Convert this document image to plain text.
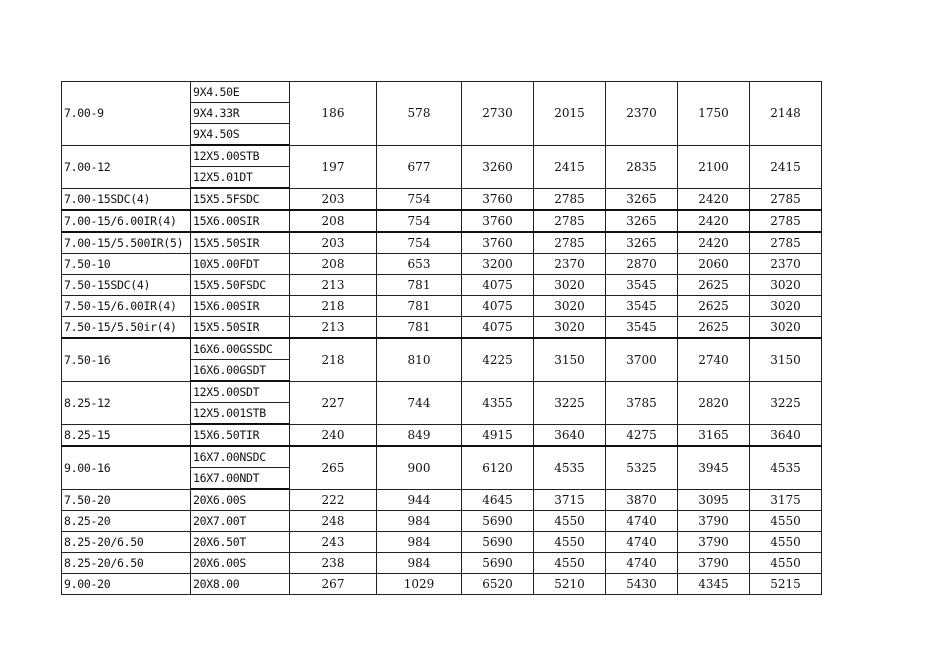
7.00-9	9X4.50E	186	578	2730	2015	2370	1750	2148
	9X4.33R							
	9X4.50S							
7.00-12	12X5.00STB	197	677	3260	2415	2835	2100	2415
	12X5.01DT							
7.00-15SDC(4)	15X5.5FSDC	203	754	3760	2785	3265	2420	2785
7.00-15/6.00IR(4)	15X6.00SIR	208	754	3760	2785	3265	2420	2785
7.00-15/5.500IR(5)	15X5.50SIR	203	754	3760	2785	3265	2420	2785
7.50-10	10X5.00FDT	208	653	3200	2370	2870	2060	2370
7.50-15SDC(4)	15X5.50FSDC	213	781	4075	3020	3545	2625	3020
7.50-15/6.00IR(4)	15X6.00SIR	218	781	4075	3020	3545	2625	3020
7.50-15/5.50ir(4)	15X5.50SIR	213	781	4075	3020	3545	2625	3020
7.50-16	16X6.00GSSDC	218	810	4225	3150	3700	2740	3150
	16X6.00GSDT							
8.25-12	12X5.00SDT	227	744	4355	3225	3785	2820	3225
	12X5.001STB							
8.25-15	15X6.50TIR	240	849	4915	3640	4275	3165	3640
9.00-16	16X7.00NSDC	265	900	6120	4535	5325	3945	4535
	16X7.00NDT							
7.50-20	20X6.00S	222	944	4645	3715	3870	3095	3175
8.25-20	20X7.00T	248	984	5690	4550	4740	3790	4550
8.25-20/6.50	20X6.50T	243	984	5690	4550	4740	3790	4550
8.25-20/6.50	20X6.00S	238	984	5690	4550	4740	3790	4550
9.00-20	20X8.00	267	1029	6520	5210	5430	4345	5215
